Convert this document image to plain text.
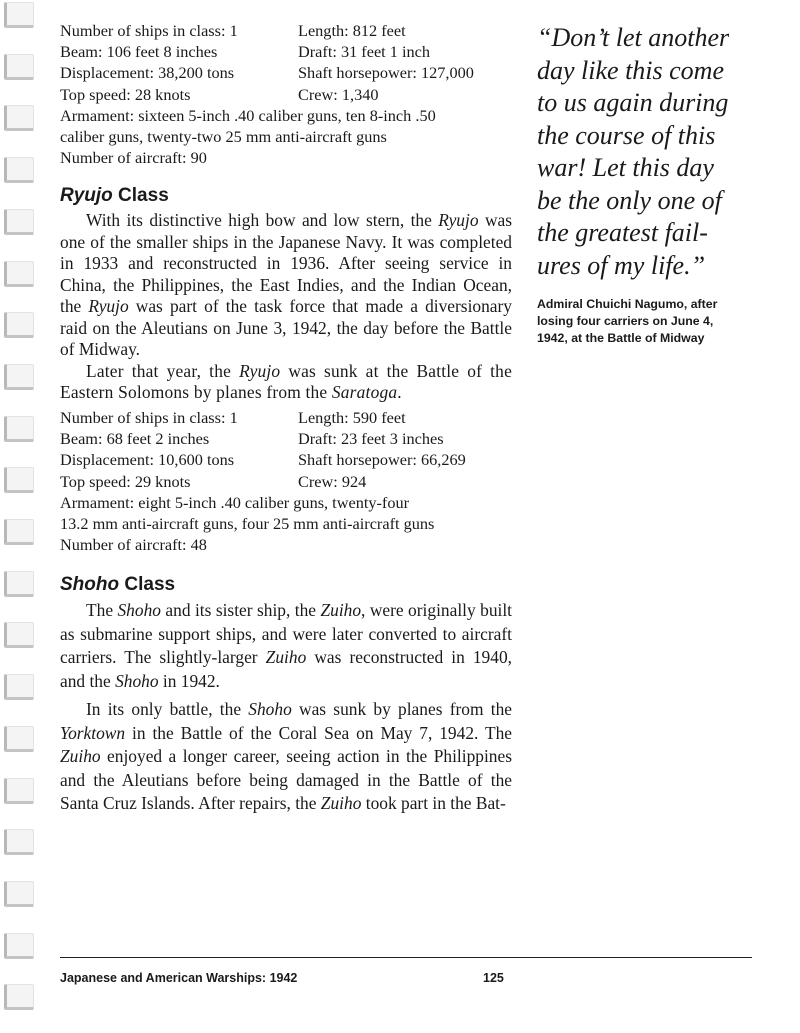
Number of ships in class: 1	Length: 812 feet
Beam: 106 feet 8 inches	Draft: 31 feet 1 inch
Displacement: 38,200 tons	Shaft horsepower: 127,000
Top speed: 28 knots	Crew: 1,340
Armament: sixteen 5-inch .40 caliber guns, ten 8-inch .50
caliber guns, twenty-two 25 mm anti-aircraft guns
Number of aircraft: 90
Ryujo Class

With its distinctive high bow and low stern, the Ryujo was one of the smaller ships in the Japanese Navy. It was completed in 1933 and reconstructed in 1936. After seeing service in China, the Philippines, the East Indies, and the Indian Ocean, the Ryujo was part of the task force that made a diversionary raid on the Aleutians on June 3, 1942, the day before the Battle of Midway.

Later that year, the Ryujo was sunk at the Battle of the Eastern Solomons by planes from the Saratoga.

Number of ships in class: 1	Length: 590 feet
Beam: 68 feet 2 inches	Draft: 23 feet 3 inches
Displacement: 10,600 tons	Shaft horsepower: 66,269
Top speed: 29 knots	Crew: 924
Armament: eight 5-inch .40 caliber guns, twenty-four
13.2 mm anti-aircraft guns, four 25 mm anti-aircraft guns
Number of aircraft: 48
Shoho Class

The Shoho and its sister ship, the Zuiho, were originally built as submarine support ships, and were later converted to aircraft carriers. The slightly-larger Zuiho was reconstructed in 1940, and the Shoho in 1942.

In its only battle, the Shoho was sunk by planes from the Yorktown in the Battle of the Coral Sea on May 7, 1942. The Zuiho enjoyed a longer career, seeing action in the Philippines and the Aleutians before being damaged in the Battle of the Santa Cruz Islands. After repairs, the Zuiho took part in the Bat-

“Don’t let another
day like this come
to us again during
the course of this
war! Let this day
be the only one of
the greatest fail-
ures of my life.”

Admiral Chuichi Nagumo, after
losing four carriers on June 4,
1942, at the Battle of Midway
Japanese and American Warships: 1942	125
